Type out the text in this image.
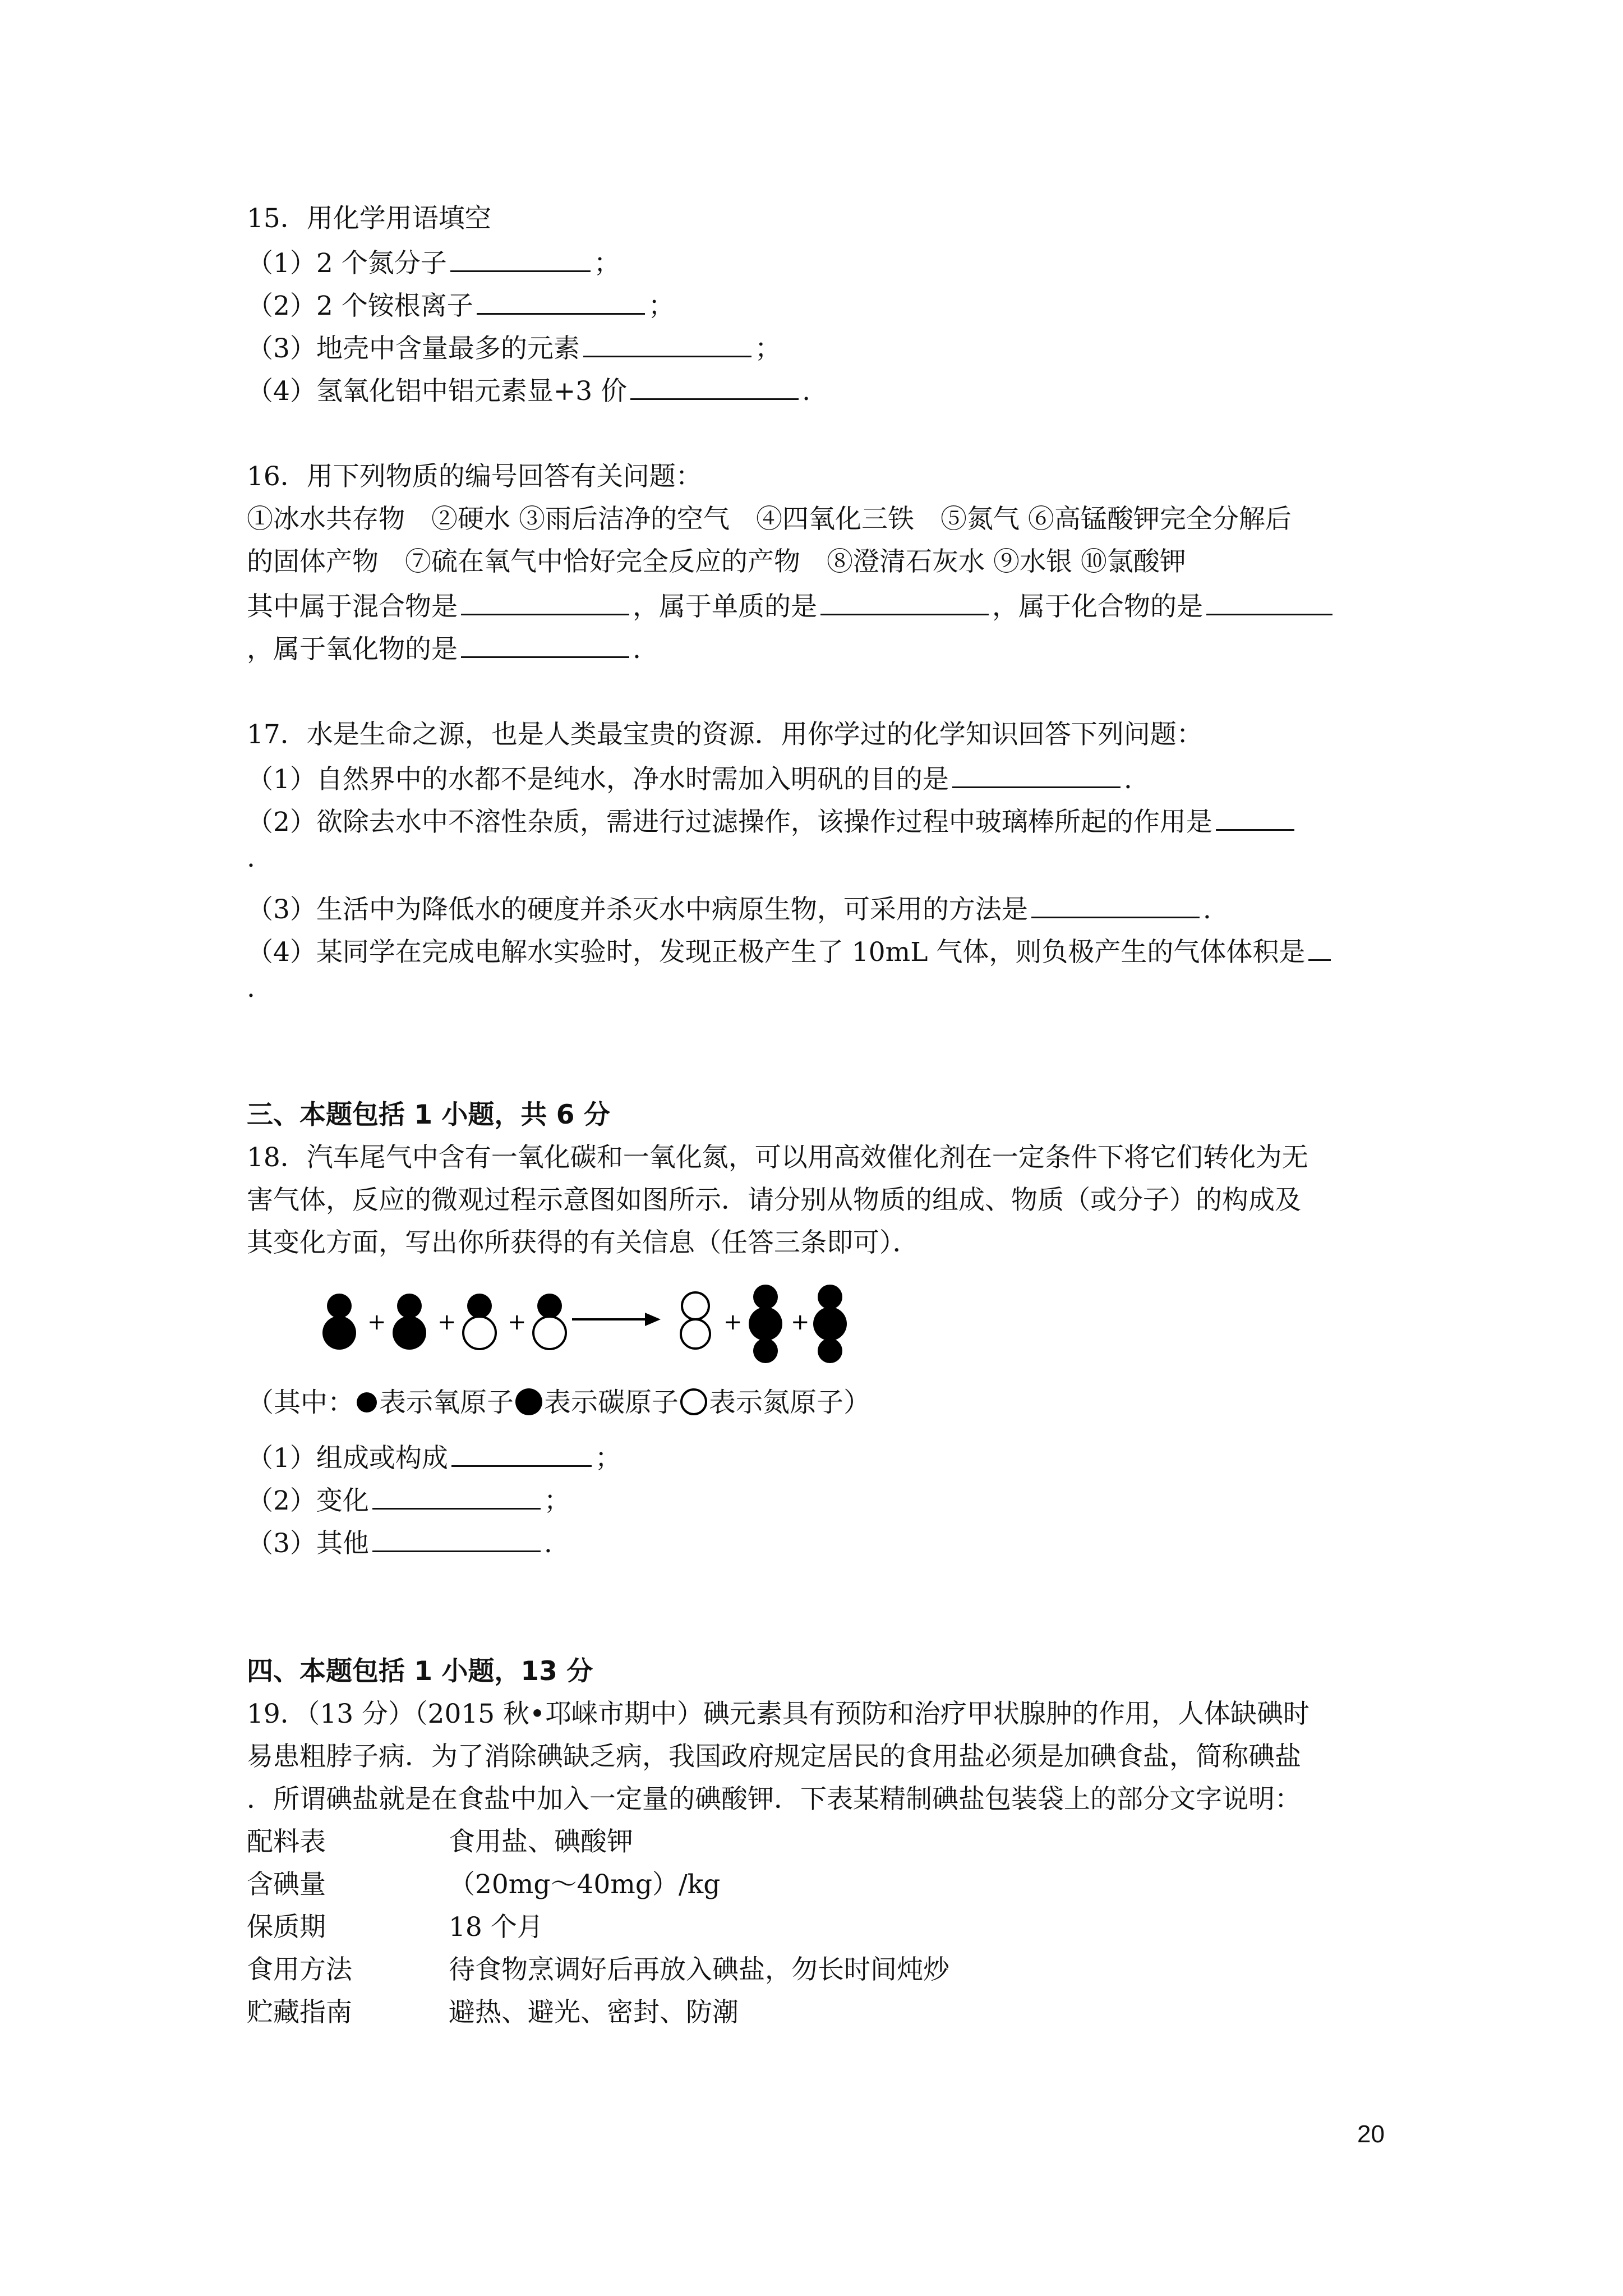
15．用化学用语填空
（1）2 个氮分子	；
（2）2 个铵根离子	；
（3）地壳中含量最多的元素	；
（4）氢氧化铝中铝元素显+3 价	.
16．用下列物质的编号回答有关问题：
①冰水共存物　②硬水 ③雨后洁净的空气　④四氧化三铁　⑤氮气 ⑥高锰酸钾完全分解后
的固体产物　⑦硫在氧气中恰好完全反应的产物　⑧澄清石灰水 ⑨水银 ⑩氯酸钾
其中属于混合物是	，属于单质的是	，属于化合物的是
，属于氧化物的是	.
17．水是生命之源，也是人类最宝贵的资源．用你学过的化学知识回答下列问题：
（1）自然界中的水都不是纯水，净水时需加入明矾的目的是	.
（2）欲除去水中不溶性杂质，需进行过滤操作，该操作过程中玻璃棒所起的作用是
.
（3）生活中为降低水的硬度并杀灭水中病原生物，可采用的方法是	.
（4）某同学在完成电解水实验时，发现正极产生了 10mL 气体，则负极产生的气体体积是
.
三、本题包括 1 小题，共 6 分
18．汽车尾气中含有一氧化碳和一氧化氮，可以用高效催化剂在一定条件下将它们转化为无
害气体，反应的微观过程示意图如图所示．请分别从物质的组成、物质（或分子）的构成及
其变化方面，写出你所获得的有关信息（任答三条即可）．
+ + +	+ +
（其中： 表示氧原子 表示碳原子 表示氮原子）
（1）组成或构成	；
（2）变化	；
（3）其他	.
四、本题包括 1 小题，13 分
19．（13 分）（2015 秋•邛崃市期中）碘元素具有预防和治疗甲状腺肿的作用，人体缺碘时
易患粗脖子病．为了消除碘缺乏病，我国政府规定居民的食用盐必须是加碘食盐，简称碘盐
．所谓碘盐就是在食盐中加入一定量的碘酸钾．下表某精制碘盐包装袋上的部分文字说明：
配料表	食用盐、碘酸钾
含碘量	（20mg～40mg）/kg
保质期	18 个月
食用方法	待食物烹调好后再放入碘盐，勿长时间炖炒
贮藏指南	避热、避光、密封、防潮
20
